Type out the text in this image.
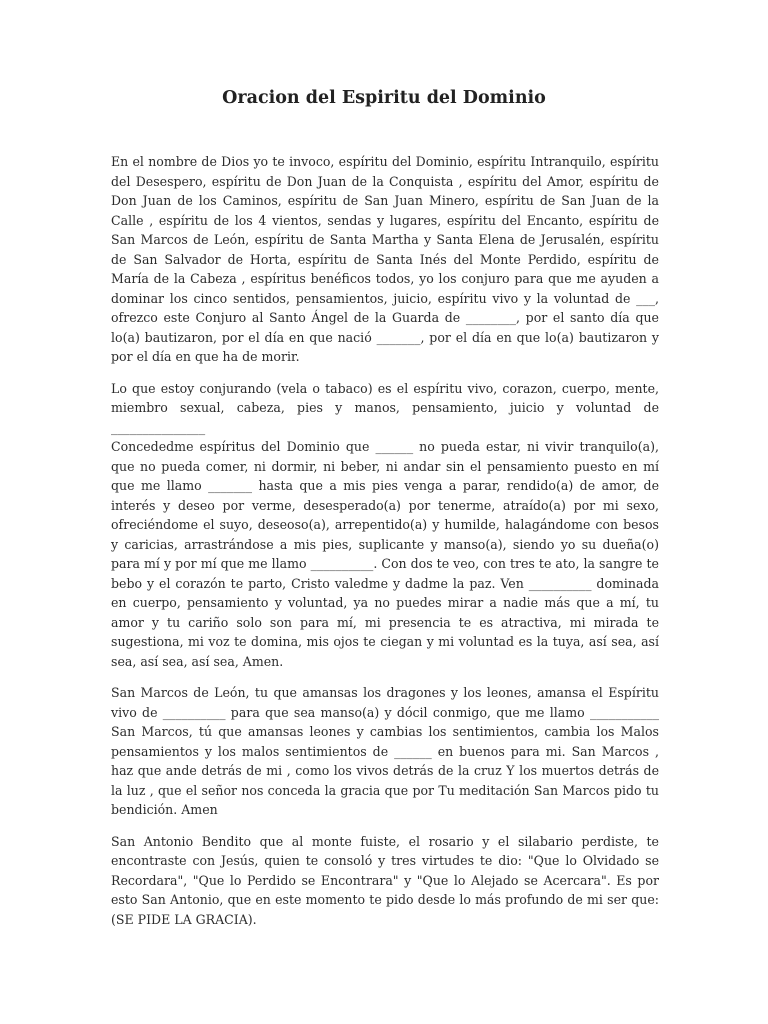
Oracion del Espiritu del Dominio

En el nombre de Dios yo te invoco, espíritu del Dominio, espíritu Intranquilo, espíritu del Desespero, espíritu de Don Juan de la Conquista , espíritu del Amor, espíritu de Don Juan de los Caminos, espíritu de San Juan Minero, espíritu de San Juan de la Calle , espíritu de los 4 vientos, sendas y lugares, espíritu del Encanto, espíritu de San Marcos de León, espíritu de Santa Martha y Santa Elena de Jerusalén, espíritu de San Salvador de Horta, espíritu de Santa Inés del Monte Perdido, espíritu de María de la Cabeza , espíritus benéficos todos, yo los conjuro para que me ayuden a dominar los cinco sentidos, pensamientos, juicio, espíritu vivo y la voluntad de ___, ofrezco este Conjuro al Santo Ángel de la Guarda de ________, por el santo día que lo(a) bautizaron, por el día en que nació _______, por el día en que lo(a) bautizaron y por el día en que ha de morir.

Lo que estoy conjurando (vela o tabaco) es el espíritu vivo, corazon, cuerpo, mente, miembro sexual, cabeza, pies y manos, pensamiento, juicio y voluntad de _______________

Concededme espíritus del Dominio que ______ no pueda estar, ni vivir tranquilo(a), que no pueda comer, ni dormir, ni beber, ni andar sin el pensamiento puesto en mí que me llamo _______ hasta que a mis pies venga a parar, rendido(a) de amor, de interés y deseo por verme, desesperado(a) por tenerme, atraído(a) por mi sexo, ofreciéndome el suyo, deseoso(a), arrepentido(a) y humilde, halagándome con besos y caricias, arrastrándose a mis pies, suplicante y manso(a), siendo yo su dueña(o) para mí y por mí que me llamo __________. Con dos te veo, con tres te ato, la sangre te bebo y el corazón te parto, Cristo valedme y dadme la paz. Ven __________ dominada en cuerpo, pensamiento y voluntad, ya no puedes mirar a nadie más que a mí, tu amor y tu cariño solo son para mí, mi presencia te es atractiva, mi mirada te sugestiona, mi voz te domina, mis ojos te ciegan y mi voluntad es la tuya, así sea, así sea, así sea, así sea, Amen.

San Marcos de León, tu que amansas los dragones y los leones, amansa el Espíritu vivo de __________ para que sea manso(a) y dócil conmigo, que me llamo ___________ San Marcos, tú que amansas leones y cambias los sentimientos, cambia los Malos pensamientos y los malos sentimientos de ______ en buenos para mi. San Marcos , haz que ande detrás de mi , como los vivos detrás de la cruz Y los muertos detrás de la luz , que el señor nos conceda la gracia que por Tu meditación San Marcos pido tu bendición. Amen

San Antonio Bendito que al monte fuiste, el rosario y el silabario perdiste, te encontraste con Jesús, quien te consoló y tres virtudes te dio: "Que lo Olvidado se Recordara", "Que lo Perdido se Encontrara" y "Que lo Alejado se Acercara". Es por esto San Antonio, que en este momento te pido desde lo más profundo de mi ser que: (SE PIDE LA GRACIA).
